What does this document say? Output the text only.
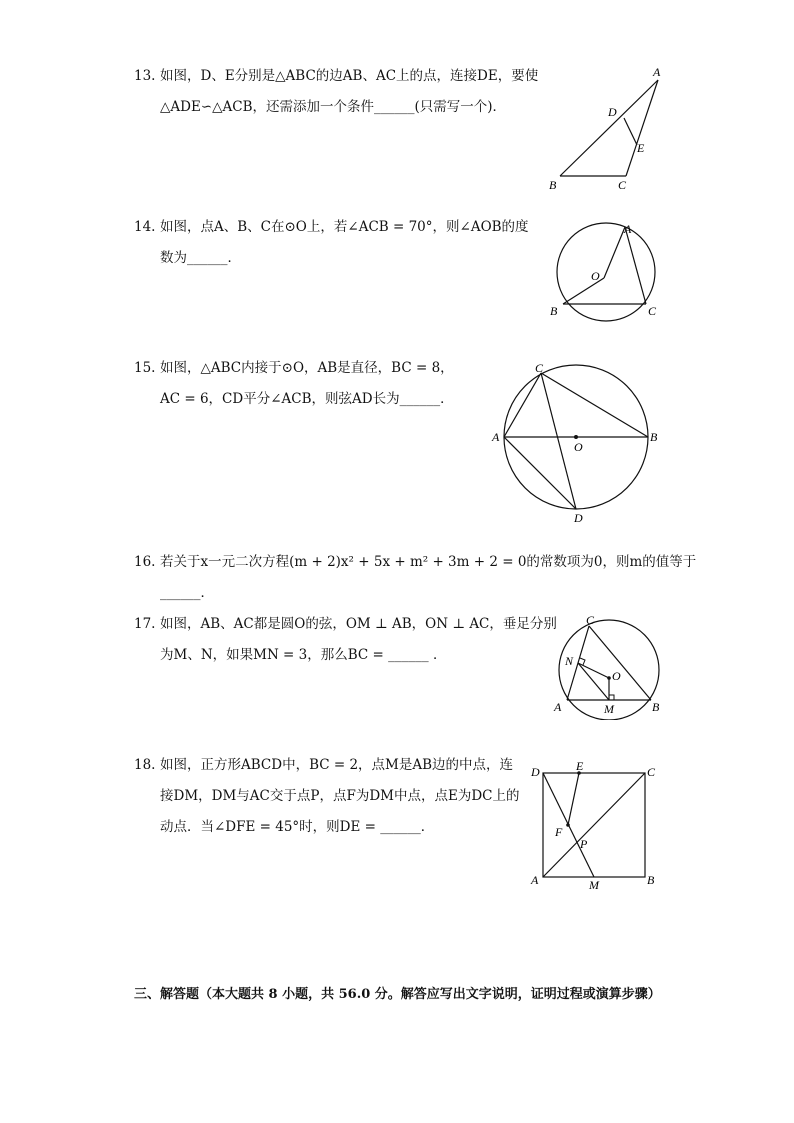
13. 如图，D、E分别是△ABC的边AB、AC上的点，连接DE，要使
△ADE∽△ACB，还需添加一个条件______(只需写一个)．
A
D
E
B	C
14. 如图，点A、B、C在⊙O上，若∠ACB = 70°，则∠AOB的度
数为______．
A
O
B	C
15. 如图，△ABC内接于⊙O，AB是直径，BC = 8，
AC = 6，CD平分∠ACB，则弦AD长为______．
C
A
O
B
D
16. 若关于x一元二次方程(m + 2)x² + 5x + m² + 3m + 2 = 0的常数项为0，则m的值等于
______．
17. 如图，AB、AC都是圆O的弦，OM ⊥ AB，ON ⊥ AC，垂足分别
为M、N，如果MN = 3，那么BC = ______ ．
C
N
O
A	M	B
18. 如图，正方形ABCD中，BC = 2，点M是AB边的中点，连
接DM，DM与AC交于点P，点F为DM中点，点E为DC上的
动点．当∠DFE = 45°时，则DE = ______．
D	E	C
F
P
A	M	B
三、解答题（本大题共 8 小题，共 56.0 分。解答应写出文字说明，证明过程或演算步骤）
